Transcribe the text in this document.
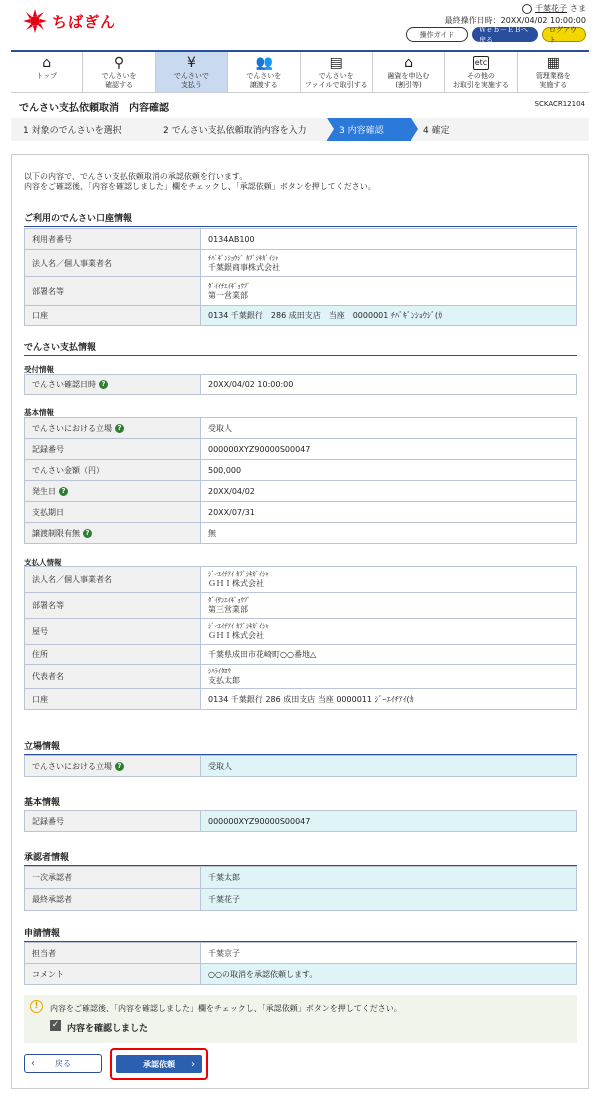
ちばぎん
千葉花子 さま
最終操作日時：20XX/04/02 10:00:00
操作ガイド
Ｗｅｂ－ＥＢへ戻る
ログアウト
⌂
トップ
⚲
でんさいを
確認する
¥
でんさいで
支払う
👥
でんさいを
譲渡する
▤
でんさいを
ファイルで取引する
⌂
融資を申込む
(割引等)
etc
その他の
お取引を実施する
▦
管理業務を
実施する
でんさい支払依頼取消　内容確認	SCKACR12104
1 対象のでんさいを選択	2 でんさい支払依頼取消内容を入力	3 内容確認	4 確定
以下の内容で、でんさい支払依頼取消の承認依頼を行います。
内容をご確認後、「内容を確認しました」欄をチェックし、「承認依頼」ボタンを押してください。
ご利用のでんさい口座情報
利用者番号	0134AB100
法人名／個人事業者名	ﾁﾊﾞｷﾞﾝｼｮｳｼﾞ ｶﾌﾞｼｷｶﾞｲｼｬ
千葉銀商事株式会社
部署名等	ﾀﾞｲｲﾁｴｲｷﾞｮｳﾌﾞ
第一営業部
口座	0134 千葉銀行　286 成田支店　当座　0000001 ﾁﾊﾞｷﾞﾝｼｮｳｼﾞ(ｶ
でんさい支払情報
受付情報
でんさい確認日時 ?	20XX/04/02 10:00:00
基本情報
でんさいにおける立場 ?	受取人
記録番号	000000XYZ90000S00047
でんさい金額（円）	500,000
発生日 ?	20XX/04/02
支払期日	20XX/07/31
譲渡制限有無 ?	無
支払人情報
法人名／個人事業者名	ｼﾞｰｴｲﾁｱｲ ｶﾌﾞｼｷｶﾞｲｼｬ
ＧＨＩ株式会社
部署名等	ﾀﾞｲｻﾝｴｲｷﾞｮｳﾌﾞ
第三営業部
屋号	ｼﾞｰｴｲﾁｱｲ ｶﾌﾞｼｷｶﾞｲｼｬ
ＧＨＩ株式会社
住所	千葉県成田市花崎町○○番地△
代表者名	ｼﾊﾗｲﾀﾛｳ
支払太郎
口座	0134 千葉銀行 286 成田支店 当座 0000011 ｼﾞｰｴｲﾁｱｲ(ｶ
立場情報
でんさいにおける立場 ?	受取人
基本情報
記録番号	000000XYZ90000S00047
承認者情報
一次承認者	千葉太郎
最終承認者	千葉花子
申請情報
担当者	千葉京子
コメント	○○の取消を承認依頼します。
!	内容をご確認後、「内容を確認しました」欄をチェックし、「承認依頼」ボタンを押してください。
✓ 内容を確認しました
‹	戻る	承認依頼 ›
